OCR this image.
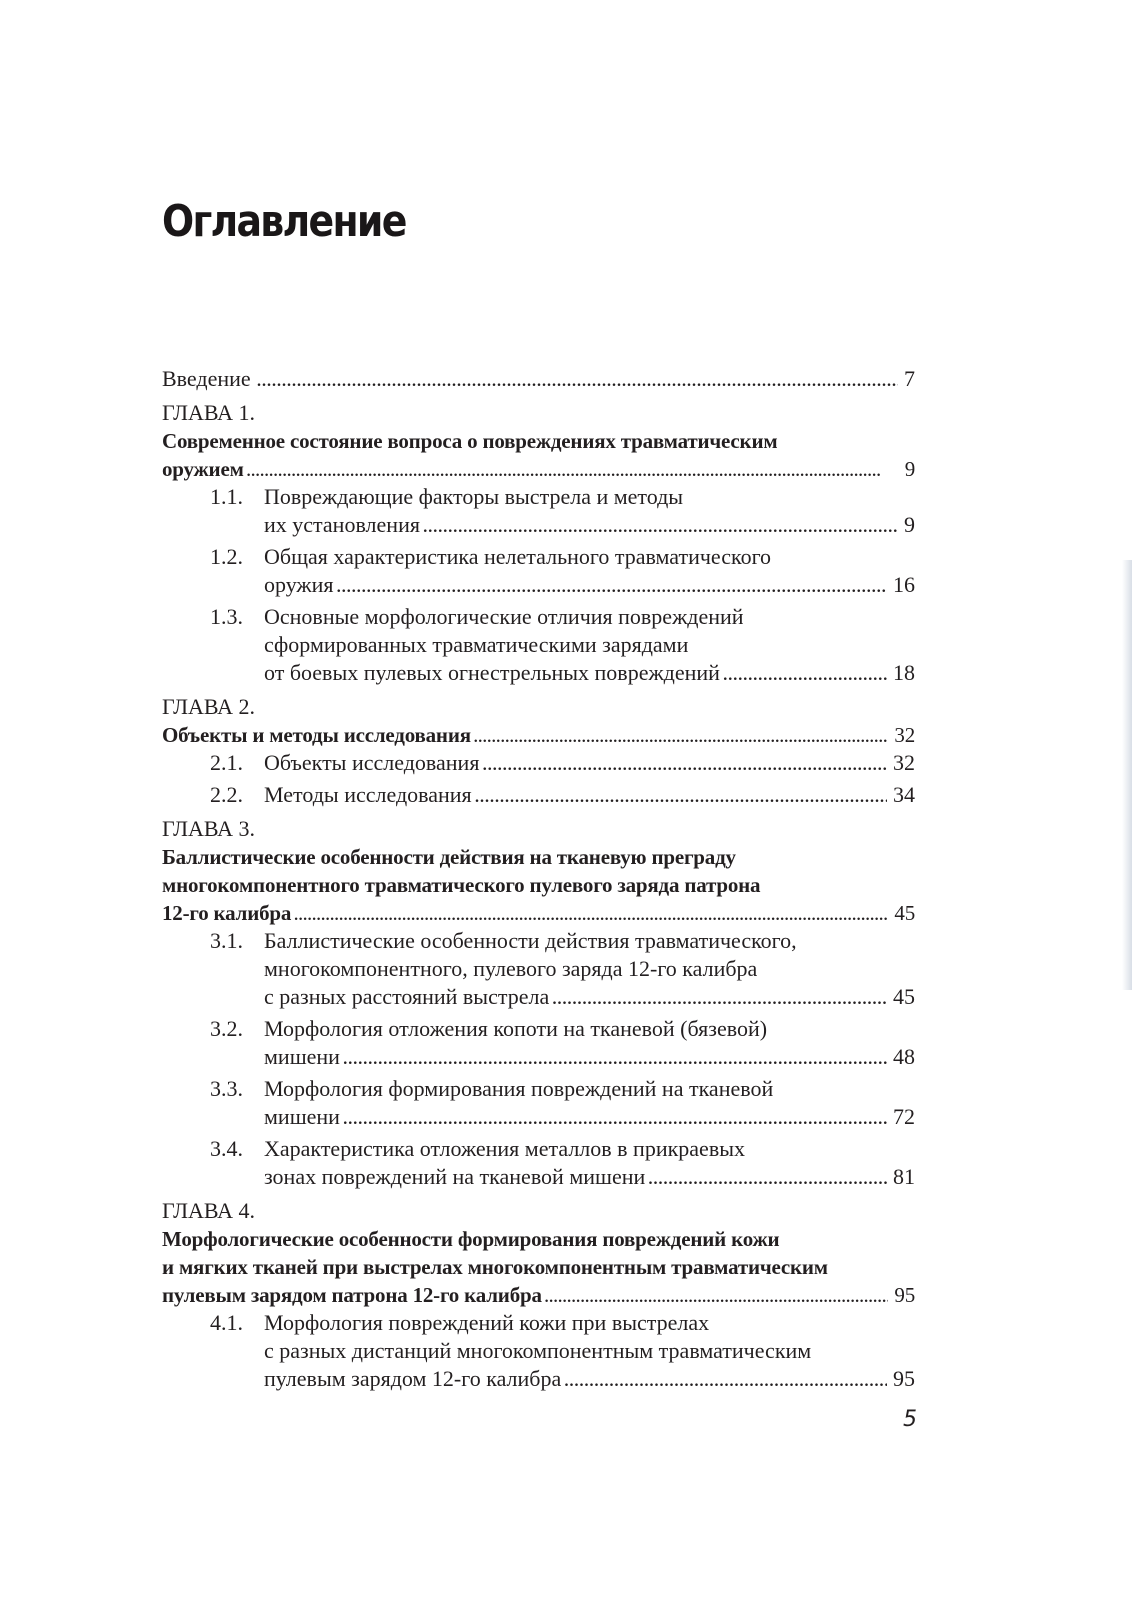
Оглавление
Введение	7
. . .
ГЛАВА 1.
Современное состояние вопроса о повреждениях травматическим
оружием	9
. . .
1.1. Повреждающие факторы выстрела и методы
их установления	9
. . .
1.2. Общая характеристика нелетального травматического
оружия	16
. . .
1.3. Основные морфологические отличия повреждений
сформированных травматическими зарядами
от боевых пулевых огнестрельных повреждений	18
. . .
ГЛАВА 2.
Объекты и методы исследования	32
. . .
2.1. Объекты исследования	32
. . .
2.2. Методы исследования	34
. . .
ГЛАВА 3.
Баллистические особенности действия на тканевую преграду
многокомпонентного травматического пулевого заряда патрона
12-го калибра	45
. . .
3.1. Баллистические особенности действия травматического,
многокомпонентного, пулевого заряда 12-го калибра
с разных расстояний выстрела	45
. . .
3.2. Морфология отложения копоти на тканевой (бязевой)
мишени	48
. . .
3.3. Морфология формирования повреждений на тканевой
мишени	72
. . .
3.4. Характеристика отложения металлов в прикраевых
зонах повреждений на тканевой мишени	81
. . .
ГЛАВА 4.
Морфологические особенности формирования повреждений кожи
и мягких тканей при выстрелах многокомпонентным травматическим
пулевым зарядом патрона 12-го калибра	95
. . .
4.1. Морфология повреждений кожи при выстрелах
с разных дистанций многокомпонентным травматическим
пулевым зарядом 12-го калибра	95
. . .
5
